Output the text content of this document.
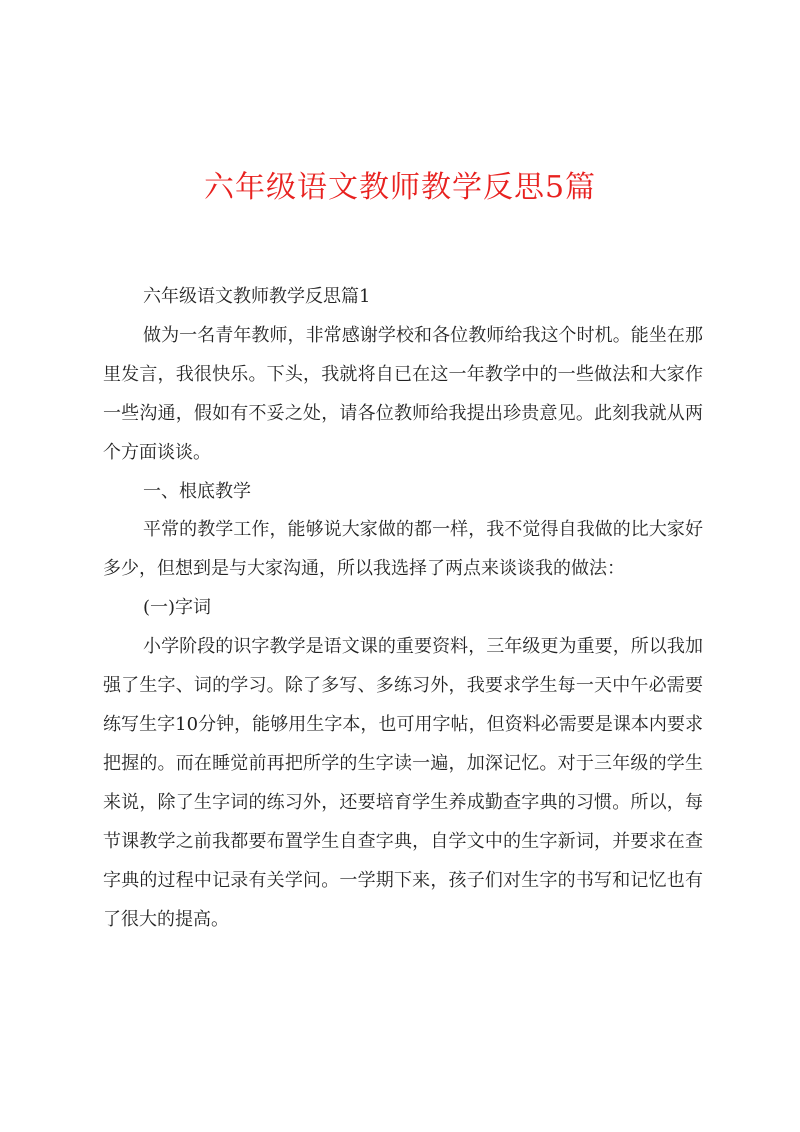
六年级语文教师教学反思5篇

六年级语文教师教学反思篇1

做为一名青年教师，非常感谢学校和各位教师给我这个时机。能坐在那里发言，我很快乐。下头，我就将自已在这一年教学中的一些做法和大家作一些沟通，假如有不妥之处，请各位教师给我提出珍贵意见。此刻我就从两个方面谈谈。

一、根底教学

平常的教学工作，能够说大家做的都一样，我不觉得自我做的比大家好多少，但想到是与大家沟通，所以我选择了两点来谈谈我的做法：

(一)字词

小学阶段的识字教学是语文课的重要资料，三年级更为重要，所以我加强了生字、词的学习。除了多写、多练习外，我要求学生每一天中午必需要练写生字10分钟，能够用生字本，也可用字帖，但资料必需要是课本内要求把握的。而在睡觉前再把所学的生字读一遍，加深记忆。对于三年级的学生来说，除了生字词的练习外，还要培育学生养成勤查字典的习惯。所以，每节课教学之前我都要布置学生自查字典，自学文中的生字新词，并要求在查字典的过程中记录有关学问。一学期下来，孩子们对生字的书写和记忆也有了很大的提高。
